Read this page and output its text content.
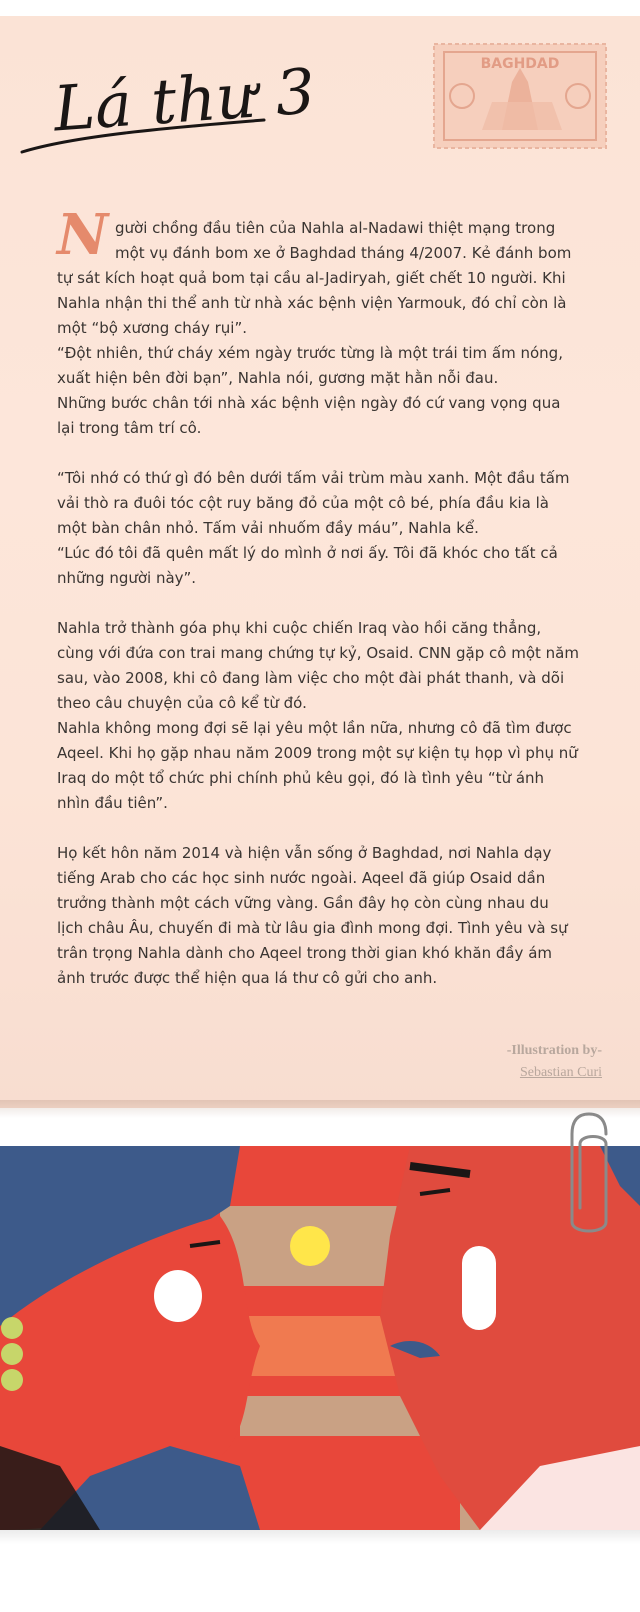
Lá thư 3	BAGHDAD

N gười chồng đầu tiên của Nahla al-Nadawi thiệt mạng trong một vụ đánh bom xe ở Baghdad tháng 4/2007. Kẻ đánh bom tự sát kích hoạt quả bom tại cầu al-Jadiryah, giết chết 10 người. Khi Nahla nhận thi thể anh từ nhà xác bệnh viện Yarmouk, đó chỉ còn là một “bộ xương cháy rụi”.

“Đột nhiên, thứ cháy xém ngày trước từng là một trái tim ấm nóng, xuất hiện bên đời bạn”, Nahla nói, gương mặt hằn nỗi đau.

Những bước chân tới nhà xác bệnh viện ngày đó cứ vang vọng qua lại trong tâm trí cô.

“Tôi nhớ có thứ gì đó bên dưới tấm vải trùm màu xanh. Một đầu tấm vải thò ra đuôi tóc cột ruy băng đỏ của một cô bé, phía đầu kia là một bàn chân nhỏ. Tấm vải nhuốm đầy máu”, Nahla kể.

“Lúc đó tôi đã quên mất lý do mình ở nơi ấy. Tôi đã khóc cho tất cả những người này”.

Nahla trở thành góa phụ khi cuộc chiến Iraq vào hồi căng thẳng, cùng với đứa con trai mang chứng tự kỷ, Osaid. CNN gặp cô một năm sau, vào 2008, khi cô đang làm việc cho một đài phát thanh, và dõi theo câu chuyện của cô kể từ đó.

Nahla không mong đợi sẽ lại yêu một lần nữa, nhưng cô đã tìm được Aqeel. Khi họ gặp nhau năm 2009 trong một sự kiện tụ họp vì phụ nữ Iraq do một tổ chức phi chính phủ kêu gọi, đó là tình yêu “từ ánh nhìn đầu tiên”.

Họ kết hôn năm 2014 và hiện vẫn sống ở Baghdad, nơi Nahla dạy tiếng Arab cho các học sinh nước ngoài. Aqeel đã giúp Osaid dần trưởng thành một cách vững vàng. Gần đây họ còn cùng nhau du lịch châu Âu, chuyến đi mà từ lâu gia đình mong đợi. Tình yêu và sự trân trọng Nahla dành cho Aqeel trong thời gian khó khăn đầy ám ảnh trước được thể hiện qua lá thư cô gửi cho anh.

-Illustration by-
Sebastian Curi
